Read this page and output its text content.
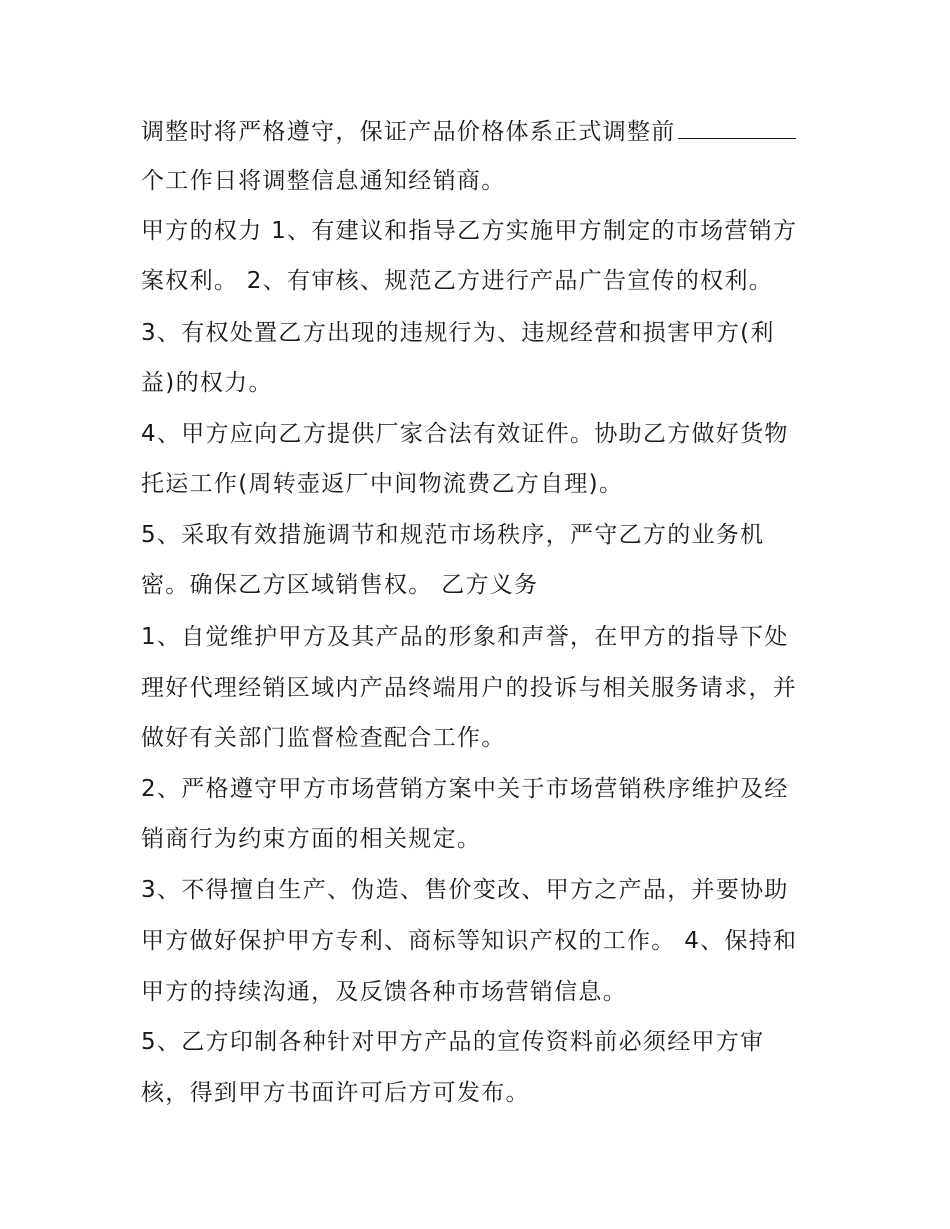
调整时将严格遵守，保证产品价格体系正式调整前
个工作日将调整信息通知经销商。
甲方的权力 1、有建议和指导乙方实施甲方制定的市场营销方
案权利。 2、有审核、规范乙方进行产品广告宣传的权利。
3、有权处置乙方出现的违规行为、违规经营和损害甲方(利
益)的权力。
4、甲方应向乙方提供厂家合法有效证件。协助乙方做好货物
托运工作(周转壶返厂中间物流费乙方自理)。
5、采取有效措施调节和规范市场秩序，严守乙方的业务机
密。确保乙方区域销售权。 乙方义务
1、自觉维护甲方及其产品的形象和声誉，在甲方的指导下处
理好代理经销区域内产品终端用户的投诉与相关服务请求，并
做好有关部门监督检查配合工作。
2、严格遵守甲方市场营销方案中关于市场营销秩序维护及经
销商行为约束方面的相关规定。
3、不得擅自生产、伪造、售价变改、甲方之产品，并要协助
甲方做好保护甲方专利、商标等知识产权的工作。 4、保持和
甲方的持续沟通，及反馈各种市场营销信息。
5、乙方印制各种针对甲方产品的宣传资料前必须经甲方审
核，得到甲方书面许可后方可发布。
